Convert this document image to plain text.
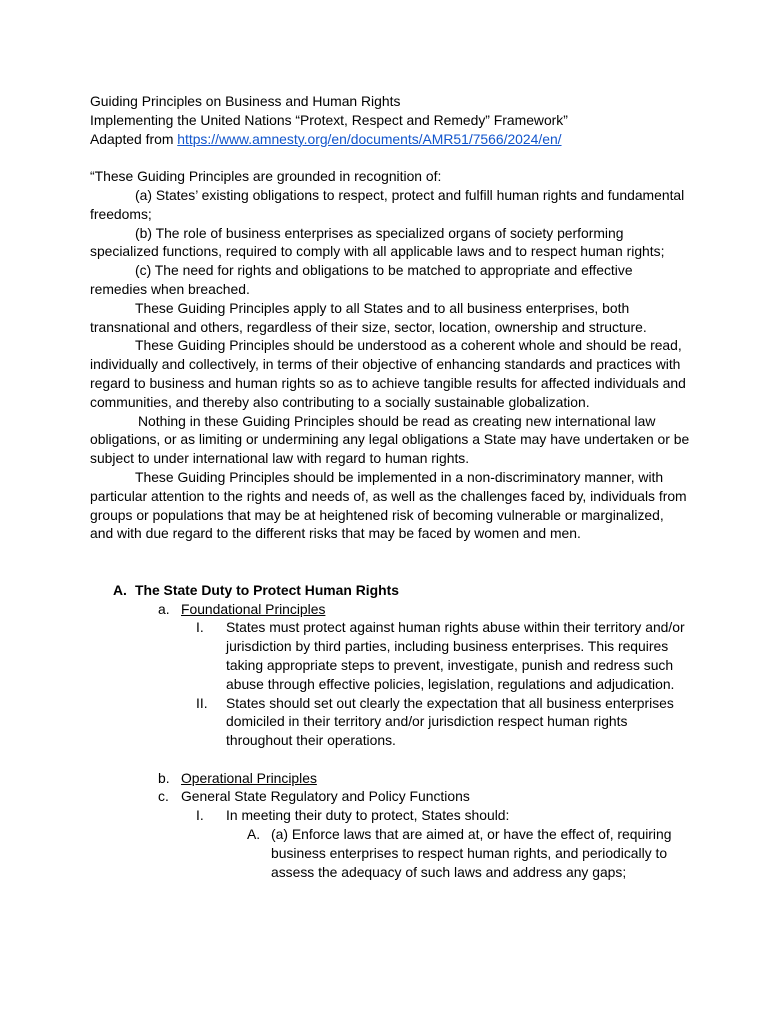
Guiding Principles on Business and Human Rights

Implementing the United Nations “Protext, Respect and Remedy” Framework”

Adapted from https://www.amnesty.org/en/documents/AMR51/7566/2024/en/

“These Guiding Principles are grounded in recognition of:

(a) States’ existing obligations to respect, protect and fulfill human rights and fundamental freedoms;

(b) The role of business enterprises as specialized organs of society performing specialized functions, required to comply with all applicable laws and to respect human rights;

(c) The need for rights and obligations to be matched to appropriate and effective remedies when breached.

These Guiding Principles apply to all States and to all business enterprises, both transnational and others, regardless of their size, sector, location, ownership and structure.

These Guiding Principles should be understood as a coherent whole and should be read, individually and collectively, in terms of their objective of enhancing standards and practices with regard to business and human rights so as to achieve tangible results for affected individuals and communities, and thereby also contributing to a socially sustainable globalization.

Nothing in these Guiding Principles should be read as creating new international law obligations, or as limiting or undermining any legal obligations a State may have undertaken or be subject to under international law with regard to human rights.

These Guiding Principles should be implemented in a non-discriminatory manner, with particular attention to the rights and needs of, as well as the challenges faced by, individuals from groups or populations that may be at heightened risk of becoming vulnerable or marginalized, and with due regard to the different risks that may be faced by women and men.

A. The State Duty to Protect Human Rights
a. Foundational Principles
I.	States must protect against human rights abuse within their territory and/or jurisdiction by third parties, including business enterprises. This requires taking appropriate steps to prevent, investigate, punish and redress such abuse through effective policies, legislation, regulations and adjudication.
II.	States should set out clearly the expectation that all business enterprises domiciled in their territory and/or jurisdiction respect human rights throughout their operations.
b. Operational Principles
c. General State Regulatory and Policy Functions
I.	In meeting their duty to protect, States should:
A. (a) Enforce laws that are aimed at, or have the effect of, requiring business enterprises to respect human rights, and periodically to assess the adequacy of such laws and address any gaps;
